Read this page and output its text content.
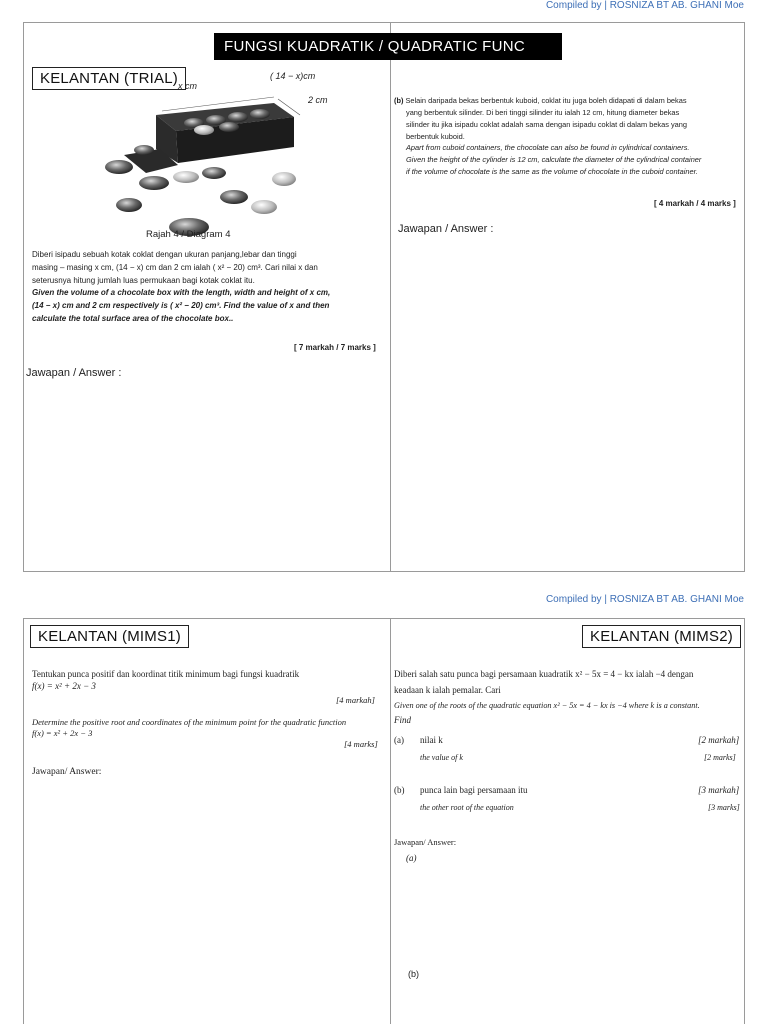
Compiled by | ROSNIZA BT AB. GHANI Moe
FUNGSI KUADRATIK / QUADRATIC FUNC
KELANTAN (TRIAL)	( 14 − x)cm
x cm
2 cm
Rajah 4 / Diagram 4
Diberi isipadu sebuah kotak coklat dengan ukuran panjang,lebar dan tinggi
masing – masing x cm, (14 − x) cm dan 2 cm ialah ( x² − 20) cm³. Cari nilai x dan
seterusnya hitung jumlah luas permukaan bagi kotak coklat itu.
Given the volume of a chocolate box with the length, width and height of x cm,
(14 − x) cm and 2 cm respectively is ( x² − 20) cm³. Find the value of x and then
calculate the total surface area of the chocolate box..
[ 7 markah / 7 marks ]
Jawapan / Answer :
(b) Selain daripada bekas berbentuk kuboid, coklat itu juga boleh didapati di dalam bekas
yang berbentuk silinder. Di beri tinggi silinder itu ialah 12 cm, hitung diameter bekas
silinder itu jika isipadu coklat adalah sama dengan isipadu coklat di dalam bekas yang
berbentuk kuboid.
Apart from cuboid containers, the chocolate can also be found in cylindrical containers.
Given the height of the cylinder is 12 cm, calculate the diameter of the cylindrical container
if the volume of chocolate is the same as the volume of chocolate in the cuboid container.
[ 4 markah / 4 marks ]
Jawapan / Answer :
Compiled by | ROSNIZA BT AB. GHANI Moe
KELANTAN (MIMS1)
Tentukan punca positif dan koordinat titik minimum bagi fungsi kuadratik
f(x) = x² + 2x − 3
[4 markah]
Determine the positive root and coordinates of the minimum point for the quadratic function
f(x) = x² + 2x − 3
[4 marks]
Jawapan/ Answer:
KELANTAN (MIMS2)
Diberi salah satu punca bagi persamaan kuadratik x² − 5x = 4 − kx ialah −4 dengan
keadaan k ialah pemalar. Cari
Given one of the roots of the quadratic equation x² − 5x = 4 − kx is −4 where k is a constant.
Find
(a) nilai k	[2 markah]
the value of k	[2 marks]
(b) punca lain bagi persamaan itu	[3 markah]
the other root of the equation	[3 marks]
Jawapan/ Answer:
(a)
(b)
